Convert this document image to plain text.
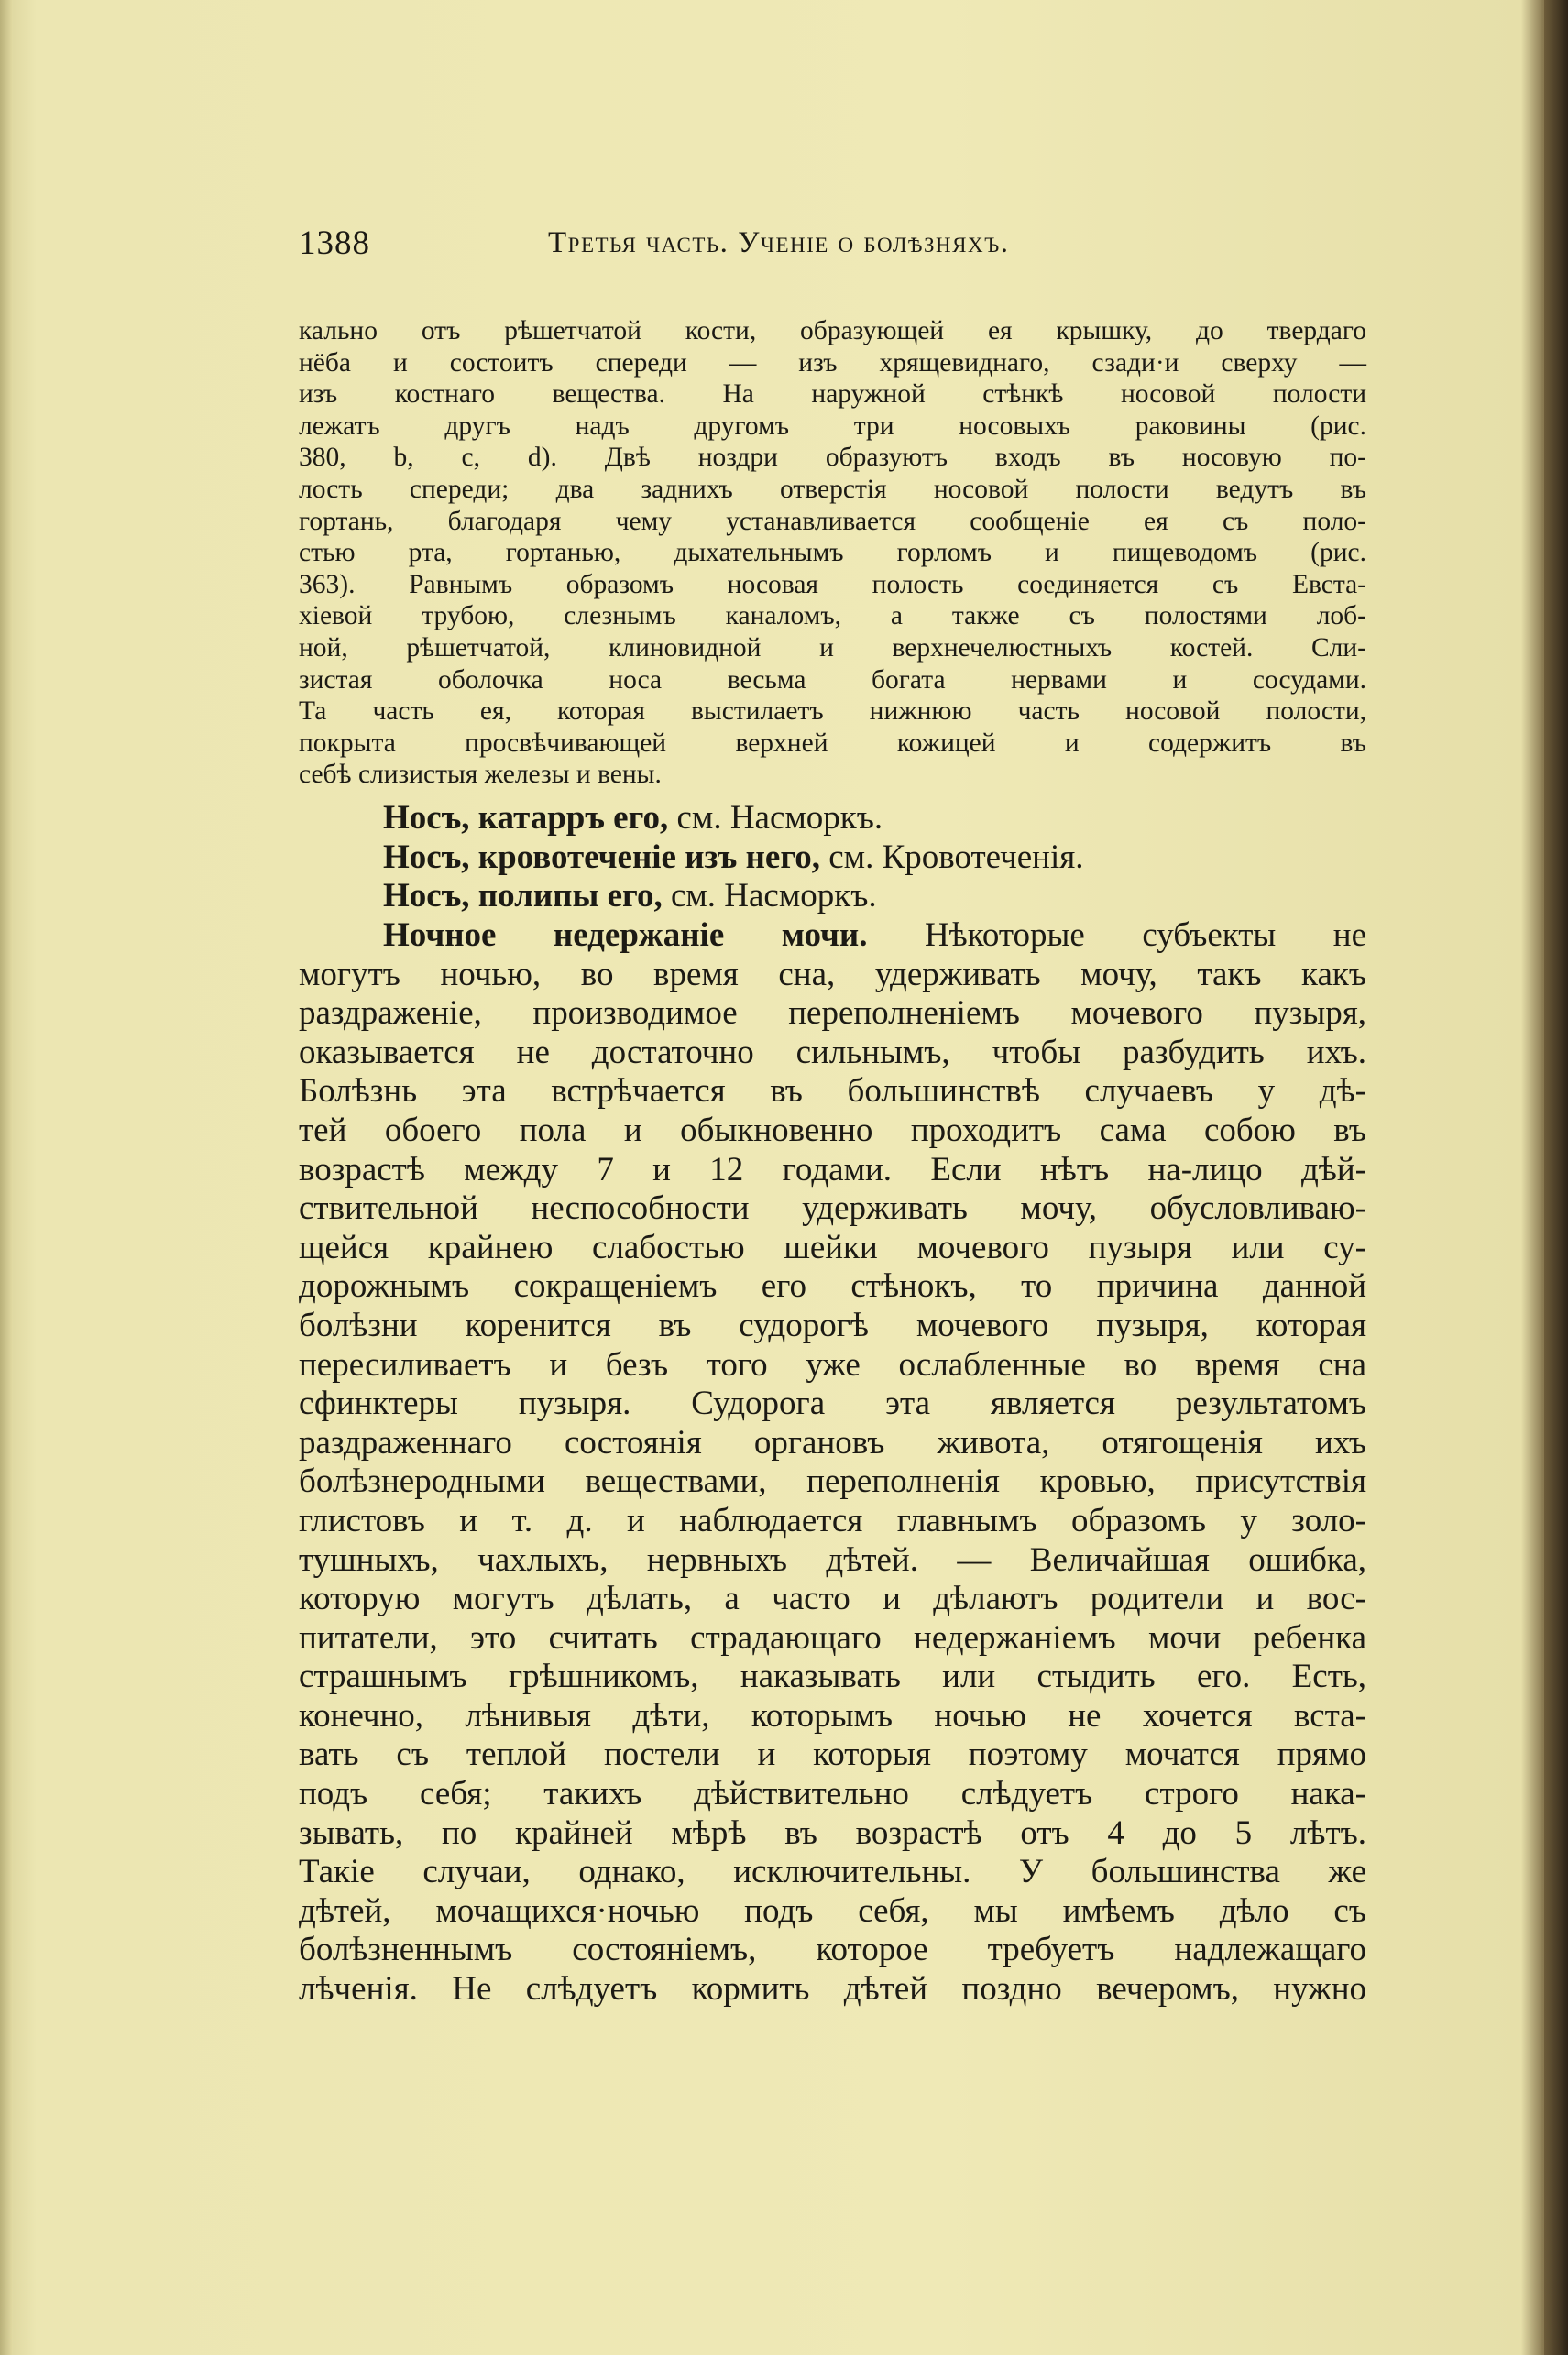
1388	Третья часть. Ученіе о болѣзняхъ.
кально отъ рѣшетчатой кости, образующей ея крышку, до твердаго
нёба и состоитъ спереди — изъ хрящевиднаго, сзади·и сверху —
изъ костнаго вещества. На наружной стѣнкѣ носовой полости
лежатъ другъ надъ другомъ три носовыхъ раковины (рис.
380, b, c, d). Двѣ ноздри образуютъ входъ въ носовую по-
лость спереди; два заднихъ отверстія носовой полости ведутъ въ
гортань, благодаря чему устанавливается сообщеніе ея съ поло-
стью рта, гортанью, дыхательнымъ горломъ и пищеводомъ (рис.
363). Равнымъ образомъ носовая полость соединяется съ Евста-
хіевой трубою, слезнымъ каналомъ, а также съ полостями лоб-
ной, рѣшетчатой, клиновидной и верхнечелюстныхъ костей. Сли-
зистая оболочка носа весьма богата нервами и сосудами.
Та часть ея, которая выстилаетъ нижнюю часть носовой полости,
покрыта просвѣчивающей верхней кожицей и содержитъ въ
себѣ слизистыя железы и вены.
Носъ, катарръ его, см. Насморкъ.
Носъ, кровотеченіе изъ него, см. Кровотеченія.
Носъ, полипы его, см. Насморкъ.
Ночное недержаніе мочи. Нѣкоторые субъекты не
могутъ ночью, во время сна, удерживать мочу, такъ какъ
раздраженіе, производимое переполненіемъ мочевого пузыря,
оказывается не достаточно сильнымъ, чтобы разбудить ихъ.
Болѣзнь эта встрѣчается въ большинствѣ случаевъ у дѣ-
тей обоего пола и обыкновенно проходитъ сама собою въ
возрастѣ между 7 и 12 годами. Если нѣтъ на-лицо дѣй-
ствительной неспособности удерживать мочу, обусловливаю-
щейся крайнею слабостью шейки мочевого пузыря или су-
дорожнымъ сокращеніемъ его стѣнокъ, то причина данной
болѣзни коренится въ судорогѣ мочевого пузыря, которая
пересиливаетъ и безъ того уже ослабленные во время сна
сфинктеры пузыря. Судорога эта является результатомъ
раздраженнаго состоянія органовъ живота, отягощенія ихъ
болѣзнеродными веществами, переполненія кровью, присутствія
глистовъ и т. д. и наблюдается главнымъ образомъ у золо-
тушныхъ, чахлыхъ, нервныхъ дѣтей. — Величайшая ошибка,
которую могутъ дѣлать, а часто и дѣлаютъ родители и вос-
питатели, это считать страдающаго недержаніемъ мочи ребенка
страшнымъ грѣшникомъ, наказывать или стыдить его. Есть,
конечно, лѣнивыя дѣти, которымъ ночью не хочется вста-
вать съ теплой постели и которыя поэтому мочатся прямо
подъ себя; такихъ дѣйствительно слѣдуетъ строго нака-
зывать, по крайней мѣрѣ въ возрастѣ отъ 4 до 5 лѣтъ.
Такіе случаи, однако, исключительны. У большинства же
дѣтей, мочащихся·ночью подъ себя, мы имѣемъ дѣло съ
болѣзненнымъ состояніемъ, которое требуетъ надлежащаго
лѣченія. Не слѣдуетъ кормить дѣтей поздно вечеромъ, нужно
